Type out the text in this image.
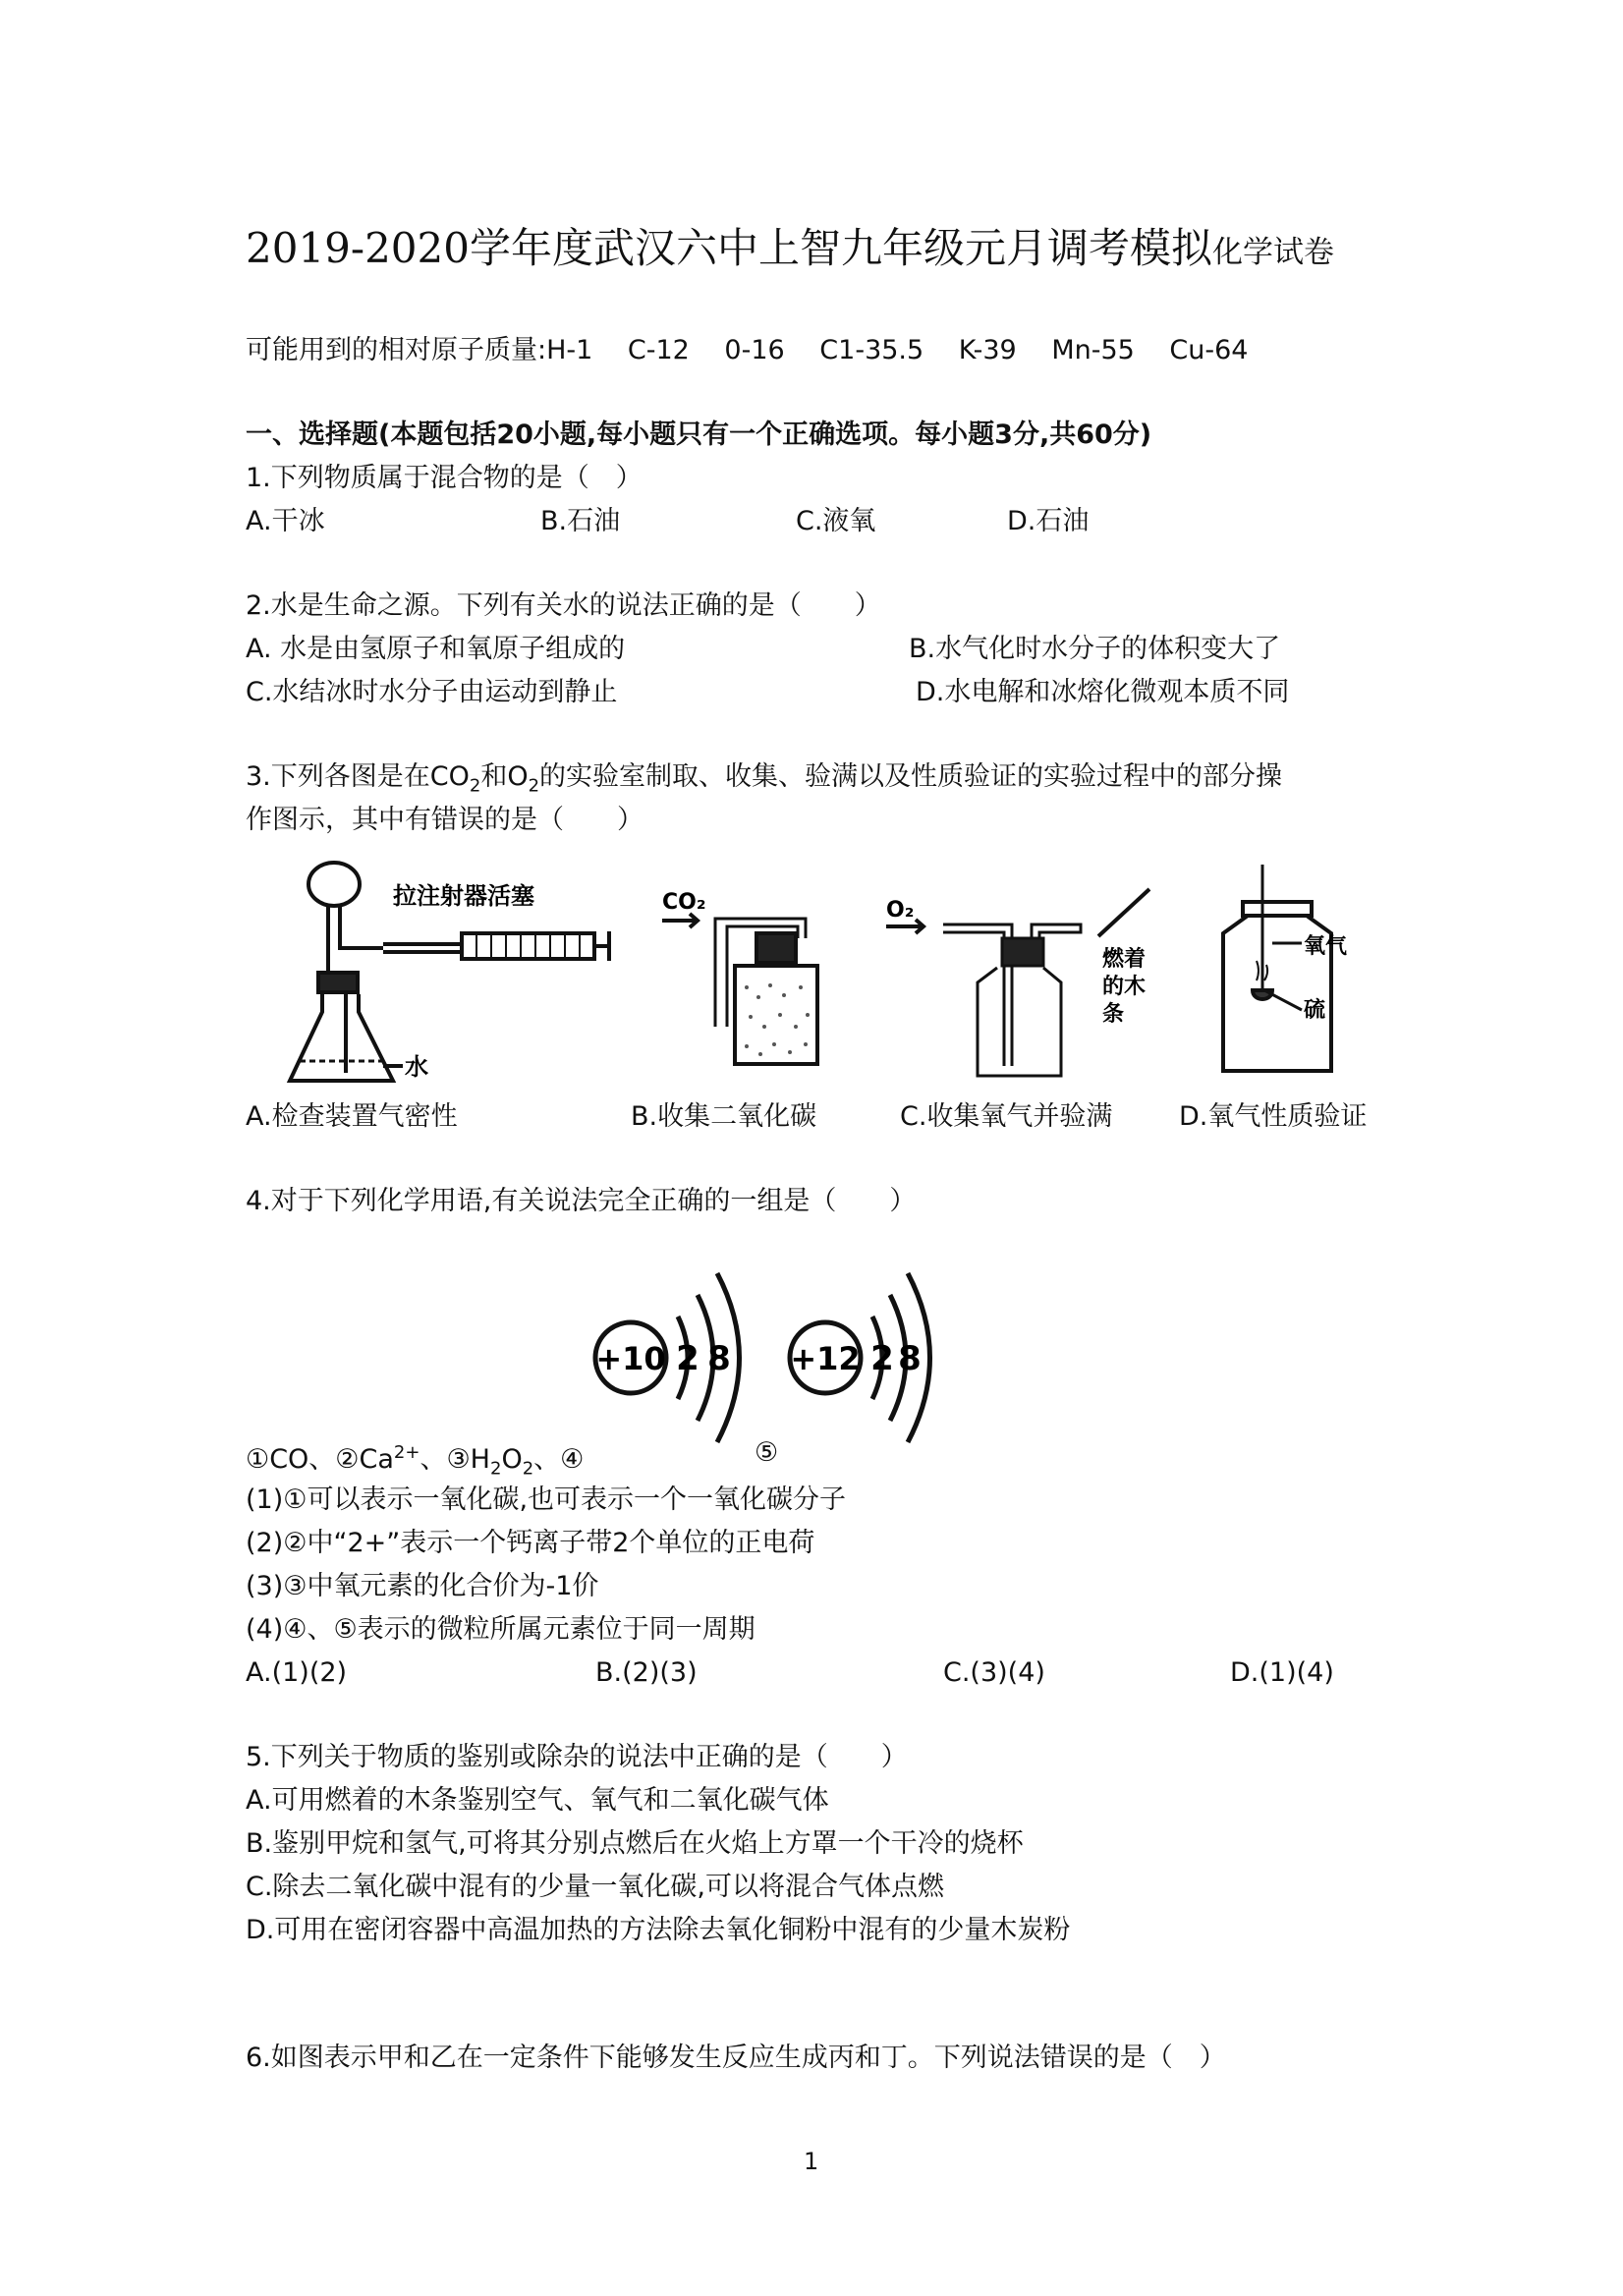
2019-2020学年度武汉六中上智九年级元月调考模拟化学试卷
可能用到的相对原子质量:H-1　 C-12　 0-16　 C1-35.5　 K-39　 Mn-55　 Cu-64
一、选择题(本题包括20小题,每小题只有一个正确选项。每小题3分,共60分)
1.下列物质属于混合物的是（　）
A.干冰	B.石油	C.液氧	D.石油
2.水是生命之源。下列有关水的说法正确的是（　　）
A. 水是由氢原子和氧原子组成的	B.水气化时水分子的体积变大了
C.水结冰时水分子由运动到静止	D.水电解和冰熔化微观本质不同
3.下列各图是在$CO_2$和$O_2$的实验室制取、收集、验满以及性质验证的实验过程中的部分操
作图示，其中有错误的是（　　）
拉注射器活塞
水
CO₂	O₂
燃着
的木
条
氧气
硫
A.检查装置气密性	B.收集二氧化碳	C.收集氧气并验满	D.氧气性质验证
4.对于下列化学用语,有关说法完全正确的一组是（　　）
+10 2 8 +12 2 8
①CO、$②Ca^{2+}$、$③H_2O_2$、④	⑤
(1)①可以表示一氧化碳,也可表示一个一氧化碳分子
(2)②中“2+”表示一个钙离子带2个单位的正电荷
(3)③中氧元素的化合价为-1价
(4)④、⑤表示的微粒所属元素位于同一周期
A.(1)(2)	B.(2)(3)	C.(3)(4)	D.(1)(4)
5.下列关于物质的鉴别或除杂的说法中正确的是（　　）
A.可用燃着的木条鉴别空气、氧气和二氧化碳气体
B.鉴别甲烷和氢气,可将其分别点燃后在火焰上方罩一个干冷的烧杯
C.除去二氧化碳中混有的少量一氧化碳,可以将混合气体点燃
D.可用在密闭容器中高温加热的方法除去氧化铜粉中混有的少量木炭粉
6.如图表示甲和乙在一定条件下能够发生反应生成丙和丁。下列说法错误的是（　）
1
